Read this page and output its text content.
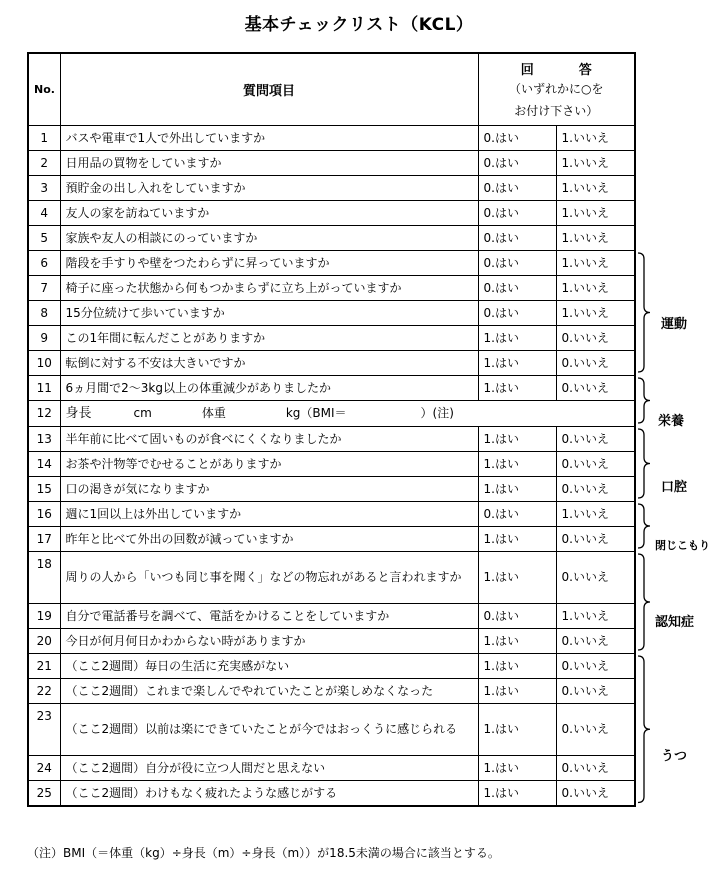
基本チェックリスト（KCL）
No.	質問項目	回　答
（いずれかに○を
お付け下さい）	

1	バスや電車で1人で外出していますか	0.はい	1.いいえ
2	日用品の買物をしていますか	0.はい	1.いいえ
3	預貯金の出し入れをしていますか	0.はい	1.いいえ
4	友人の家を訪ねていますか	0.はい	1.いいえ
5	家族や友人の相談にのっていますか	0.はい	1.いいえ
6	階段を手すりや壁をつたわらずに昇っていますか	0.はい	1.いいえ
7	椅子に座った状態から何もつかまらずに立ち上がっていますか	0.はい	1.いいえ
8	15分位続けて歩いていますか	0.はい	1.いいえ
9	この1年間に転んだことがありますか	1.はい	0.いいえ
10	転倒に対する不安は大きいですか	1.はい	0.いいえ
11	6ヵ月間で2～3kg以上の体重減少がありましたか	1.はい	0.いいえ
12	身長 cm 体重 kg（BMI＝ ）(注)		
13	半年前に比べて固いものが食べにくくなりましたか	1.はい	0.いいえ
14	お茶や汁物等でむせることがありますか	1.はい	0.いいえ
15	口の渇きが気になりますか	1.はい	0.いいえ
16	週に1回以上は外出していますか	0.はい	1.いいえ
17	昨年と比べて外出の回数が減っていますか	1.はい	0.いいえ
18	周りの人から「いつも同じ事を聞く」などの物忘れがあると言われますか	1.はい	0.いいえ
19	自分で電話番号を調べて、電話をかけることをしていますか	0.はい	1.いいえ
20	今日が何月何日かわからない時がありますか	1.はい	0.いいえ
21	（ここ2週間）毎日の生活に充実感がない	1.はい	0.いいえ
22	（ここ2週間）これまで楽しんでやれていたことが楽しめなくなった	1.はい	0.いいえ
23	（ここ2週間）以前は楽にできていたことが今ではおっくうに感じられる	1.はい	0.いいえ
24	（ここ2週間）自分が役に立つ人間だと思えない	1.はい	0.いいえ
25	（ここ2週間）わけもなく疲れたような感じがする	1.はい	0.いいえ
運動
栄養
口腔
閉じこもり
認知症
うつ
（注）BMI（＝体重（kg）÷身長（m）÷身長（m））が18.5未満の場合に該当とする。
